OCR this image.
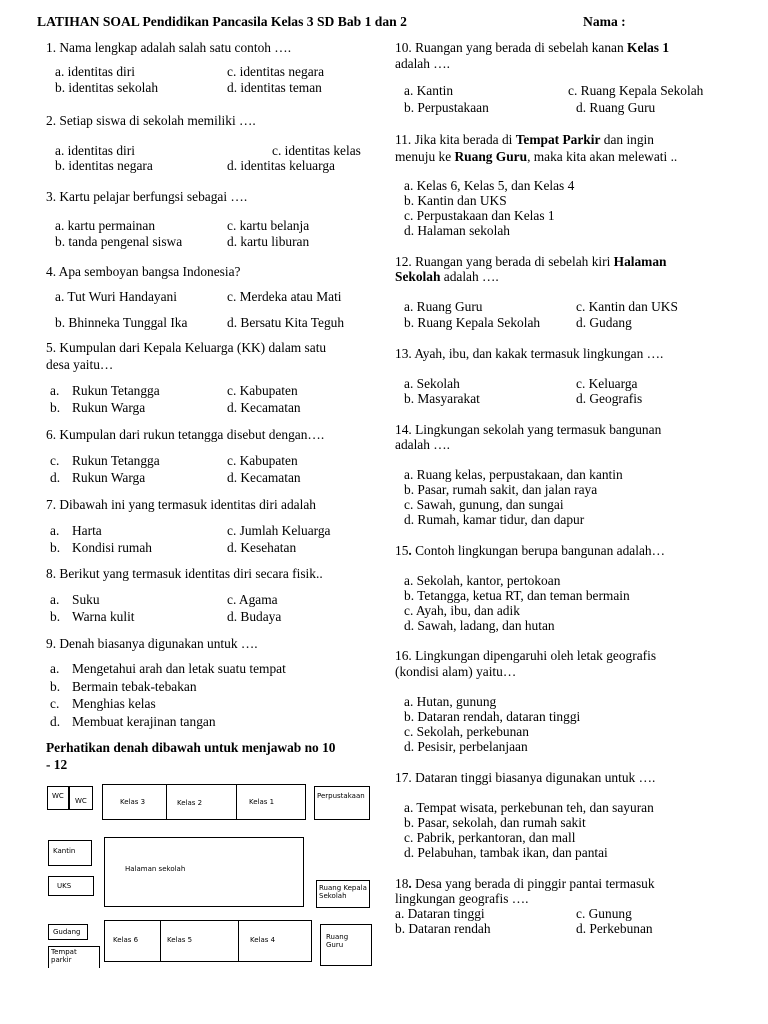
LATIHAN SOAL Pendidikan Pancasila Kelas 3 SD Bab 1 dan 2	Nama :
1. Nama lengkap adalah salah satu contoh ….
a. identitas diri	c. identitas negara
b. identitas sekolah	d. identitas teman
2. Setiap siswa di sekolah memiliki ….
a. identitas diri	c. identitas kelas
b. identitas negara	d. identitas keluarga
3. Kartu pelajar berfungsi sebagai ….
a. kartu permainan	c. kartu belanja
b. tanda pengenal siswa	d. kartu liburan
4. Apa semboyan bangsa Indonesia?
a. Tut Wuri Handayani	c. Merdeka atau Mati
b. Bhinneka Tunggal Ika	d. Bersatu Kita Teguh
5. Kumpulan dari Kepala Keluarga (KK) dalam satu
desa yaitu…
a. Rukun Tetangga	c. Kabupaten
b. Rukun Warga	d. Kecamatan
6. Kumpulan dari rukun tetangga disebut dengan….
c. Rukun Tetangga	c. Kabupaten
d. Rukun Warga	d. Kecamatan
7. Dibawah ini yang termasuk identitas diri adalah
a. Harta	c. Jumlah Keluarga
b. Kondisi rumah	d. Kesehatan
8. Berikut yang termasuk identitas diri secara fisik..
a. Suku	c. Agama
b. Warna kulit	d. Budaya
9. Denah biasanya digunakan untuk ….
a. Mengetahui arah dan letak suatu tempat
b. Bermain tebak-tebakan
c. Menghias kelas
d. Membuat kerajinan tangan
Perhatikan denah dibawah untuk menjawab no 10
- 12
WC
WC	Kelas 3	Kelas 2	Kelas 1
Perpustakaan
Kantin
Halaman sekolah
UKS	Ruang Kepala Sekolah
Gudang
Tempat parkir
Kelas 6	Kelas 5	Kelas 4	Ruang Guru
10. Ruangan yang berada di sebelah kanan Kelas 1
adalah ….
a. Kantin	c. Ruang Kepala Sekolah
b. Perpustakaan	d. Ruang Guru
11. Jika kita berada di Tempat Parkir dan ingin
menuju ke Ruang Guru, maka kita akan melewati ..
a. Kelas 6, Kelas 5, dan Kelas 4
b. Kantin dan UKS
c. Perpustakaan dan Kelas 1
d. Halaman sekolah
12. Ruangan yang berada di sebelah kiri Halaman
Sekolah adalah ….
a. Ruang Guru	c. Kantin dan UKS
b. Ruang Kepala Sekolah	d. Gudang
13. Ayah, ibu, dan kakak termasuk lingkungan ….
a. Sekolah	c. Keluarga
b. Masyarakat	d. Geografis
14. Lingkungan sekolah yang termasuk bangunan
adalah ….
a. Ruang kelas, perpustakaan, dan kantin
b. Pasar, rumah sakit, dan jalan raya
c. Sawah, gunung, dan sungai
d. Rumah, kamar tidur, dan dapur
15. Contoh lingkungan berupa bangunan adalah…
a. Sekolah, kantor, pertokoan
b. Tetangga, ketua RT, dan teman bermain
c. Ayah, ibu, dan adik
d. Sawah, ladang, dan hutan
16. Lingkungan dipengaruhi oleh letak geografis
(kondisi alam) yaitu…
a. Hutan, gunung
b. Dataran rendah, dataran tinggi
c. Sekolah, perkebunan
d. Pesisir, perbelanjaan
17. Dataran tinggi biasanya digunakan untuk ….
a. Tempat wisata, perkebunan teh, dan sayuran
b. Pasar, sekolah, dan rumah sakit
c. Pabrik, perkantoran, dan mall
d. Pelabuhan, tambak ikan, dan pantai
18. Desa yang berada di pinggir pantai termasuk
lingkungan geografis ….
a. Dataran tinggi	c. Gunung
b. Dataran rendah	d. Perkebunan
